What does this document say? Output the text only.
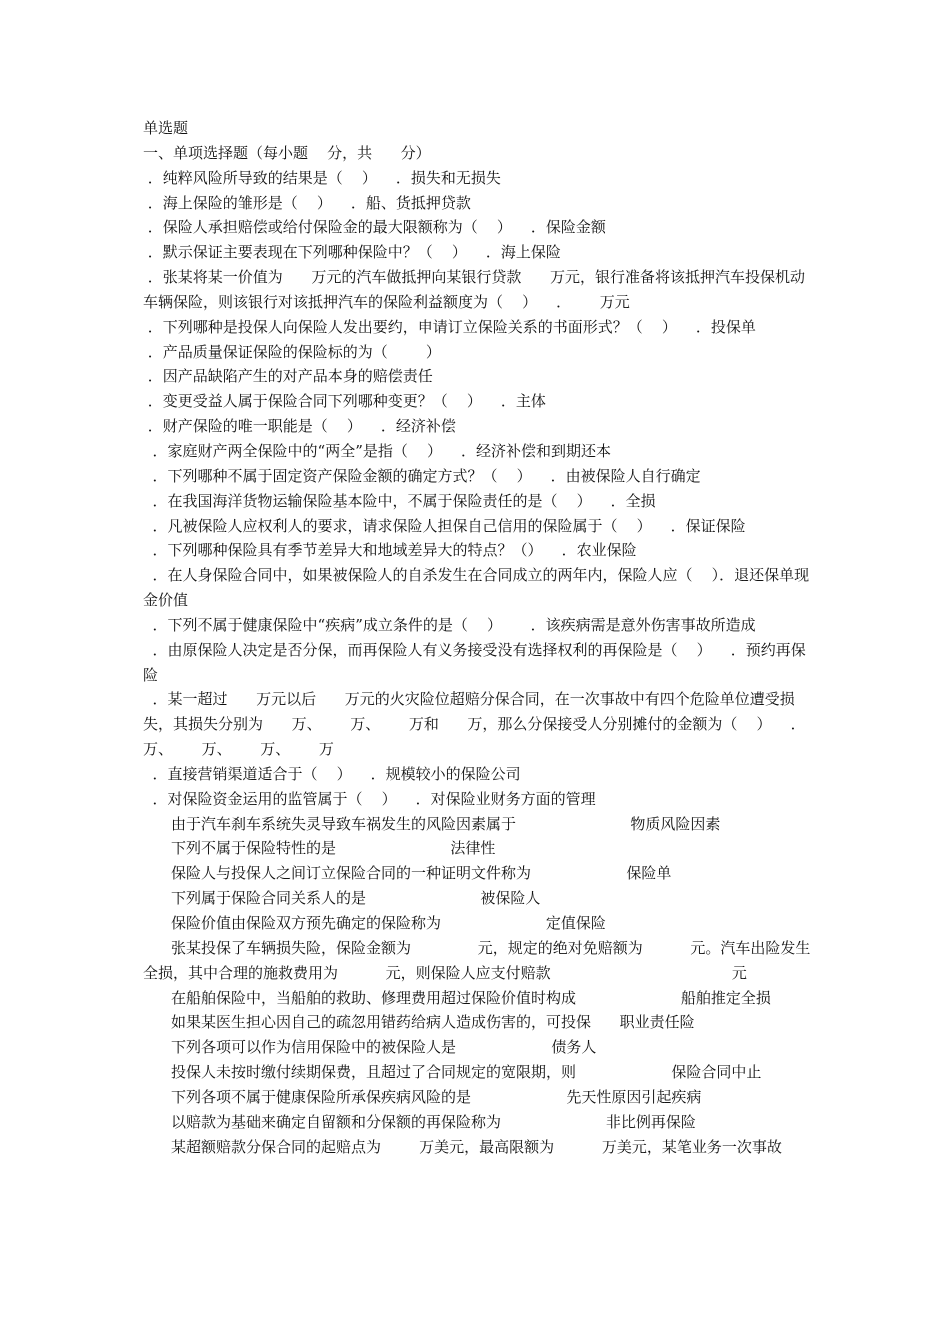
单选题
一、单项选择题（每小题    分，共      分）
．纯粹风险所导致的结果是（    ）    ．损失和无损失
．海上保险的雏形是（    ）    ．船、货抵押贷款
．保险人承担赔偿或给付保险金的最大限额称为（    ）    ．保险金额
．默示保证主要表现在下列哪种保险中？（    ）    ．海上保险
．张某将某一价值为      万元的汽车做抵押向某银行贷款      万元，银行准备将该抵押汽车投保机动车辆保险，则该银行对该抵押汽车的保险利益额度为（    ）    ．      万元
．下列哪种是投保人向保险人发出要约，申请订立保险关系的书面形式？（    ）    ．投保单
．产品质量保证保险的保险标的为（        ）
．因产品缺陷产生的对产品本身的赔偿责任
．变更受益人属于保险合同下列哪种变更？（    ）    ．主体
．财产保险的唯一职能是（    ）    ．经济补偿
．家庭财产两全保险中的“两全”是指（    ）    ．经济补偿和到期还本
．下列哪种不属于固定资产保险金额的确定方式？（    ）    ．由被保险人自行确定
．在我国海洋货物运输保险基本险中，不属于保险责任的是（    ）    ．全损
．凡被保险人应权利人的要求，请求保险人担保自己信用的保险属于（    ）    ．保证保险
．下列哪种保险具有季节差异大和地域差异大的特点？（）    ．农业保险
．在人身保险合同中，如果被保险人的自杀发生在合同成立的两年内，保险人应（    ）．退还保单现金价值
．下列不属于健康保险中“疾病”成立条件的是（    ）      ．该疾病需是意外伤害事故所造成
．由原保险人决定是否分保，而再保险人有义务接受没有选择权利的再保险是（    ）    ．预约再保险
．某一超过      万元以后      万元的火灾险位超赔分保合同，在一次事故中有四个危险单位遭受损失，其损失分别为      万、      万、      万和      万，那么分保接受人分别摊付的金额为（    ）    ．      万、      万、      万、      万
．直接营销渠道适合于（    ）    ．规模较小的保险公司
．对保险资金运用的监管属于（    ）    ．对保险业财务方面的管理
由于汽车刹车系统失灵导致车祸发生的风险因素属于                        物质风险因素
下列不属于保险特性的是                        法律性
保险人与投保人之间订立保险合同的一种证明文件称为                    保险单
下列属于保险合同关系人的是                        被保险人
保险价值由保险双方预先确定的保险称为                      定值保险
张某投保了车辆损失险，保险金额为              元，规定的绝对免赔额为          元。汽车出险发生全损，其中合理的施救费用为          元，则保险人应支付赔款                                      元
在船舶保险中，当船舶的救助、修理费用超过保险价值时构成                      船舶推定全损
如果某医生担心因自己的疏忽用错药给病人造成伤害的，可投保      职业责任险
下列各项可以作为信用保险中的被保险人是                    债务人
投保人未按时缴付续期保费，且超过了合同规定的宽限期，则                    保险合同中止
下列各项不属于健康保险所承保疾病风险的是                    先天性原因引起疾病
以赔款为基础来确定自留额和分保额的再保险称为                      非比例再保险
某超额赔款分保合同的起赔点为        万美元，最高限额为          万美元，某笔业务一次事故
